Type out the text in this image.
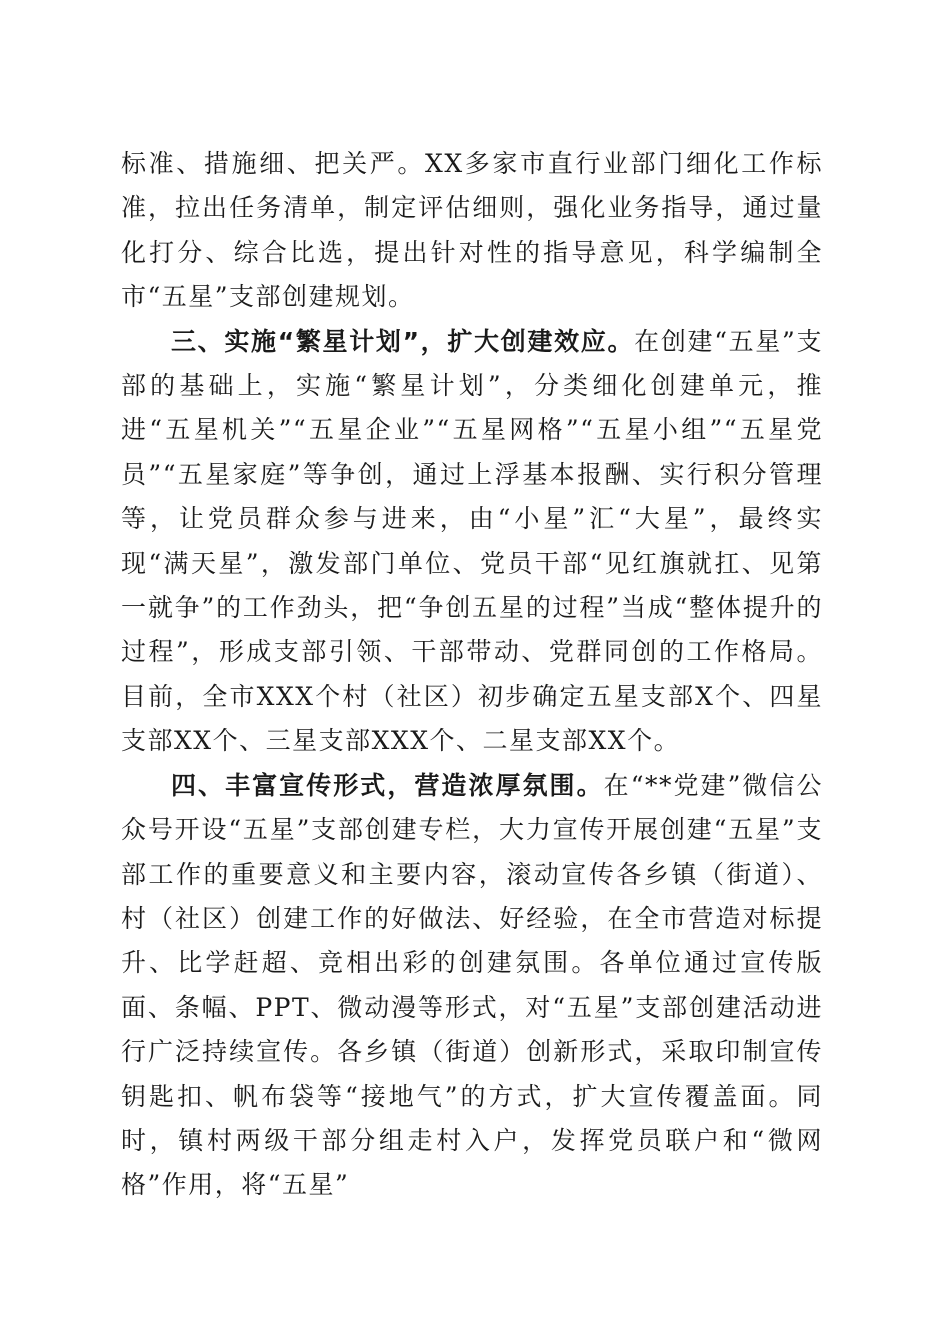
标准、措施细、把关严。XX多家市直行业部门细化工作标准，拉出任务清单，制定评估细则，强化业务指导，通过量化打分、综合比选，提出针对性的指导意见，科学编制全市“五星”支部创建规划。

三、实施“繁星计划”，扩大创建效应。在创建“五星”支部的基础上，实施“繁星计划”，分类细化创建单元，推进“五星机关”“五星企业”“五星网格”“五星小组”“五星党员”“五星家庭”等争创，通过上浮基本报酬、实行积分管理等，让党员群众参与进来，由“小星”汇“大星”，最终实现“满天星”，激发部门单位、党员干部“见红旗就扛、见第一就争”的工作劲头，把“争创五星的过程”当成“整体提升的过程”，形成支部引领、干部带动、党群同创的工作格局。目前，全市XXX个村（社区）初步确定五星支部X个、四星支部XX个、三星支部XXX个、二星支部XX个。

四、丰富宣传形式，营造浓厚氛围。在“**党建”微信公众号开设“五星”支部创建专栏，大力宣传开展创建“五星”支部工作的重要意义和主要内容，滚动宣传各乡镇（街道）、村（社区）创建工作的好做法、好经验，在全市营造对标提升、比学赶超、竞相出彩的创建氛围。各单位通过宣传版面、条幅、PPT、微动漫等形式，对“五星”支部创建活动进行广泛持续宣传。各乡镇（街道）创新形式，采取印制宣传钥匙扣、帆布袋等“接地气”的方式，扩大宣传覆盖面。同时，镇村两级干部分组走村入户，发挥党员联户和“微网格”作用，将“五星”
